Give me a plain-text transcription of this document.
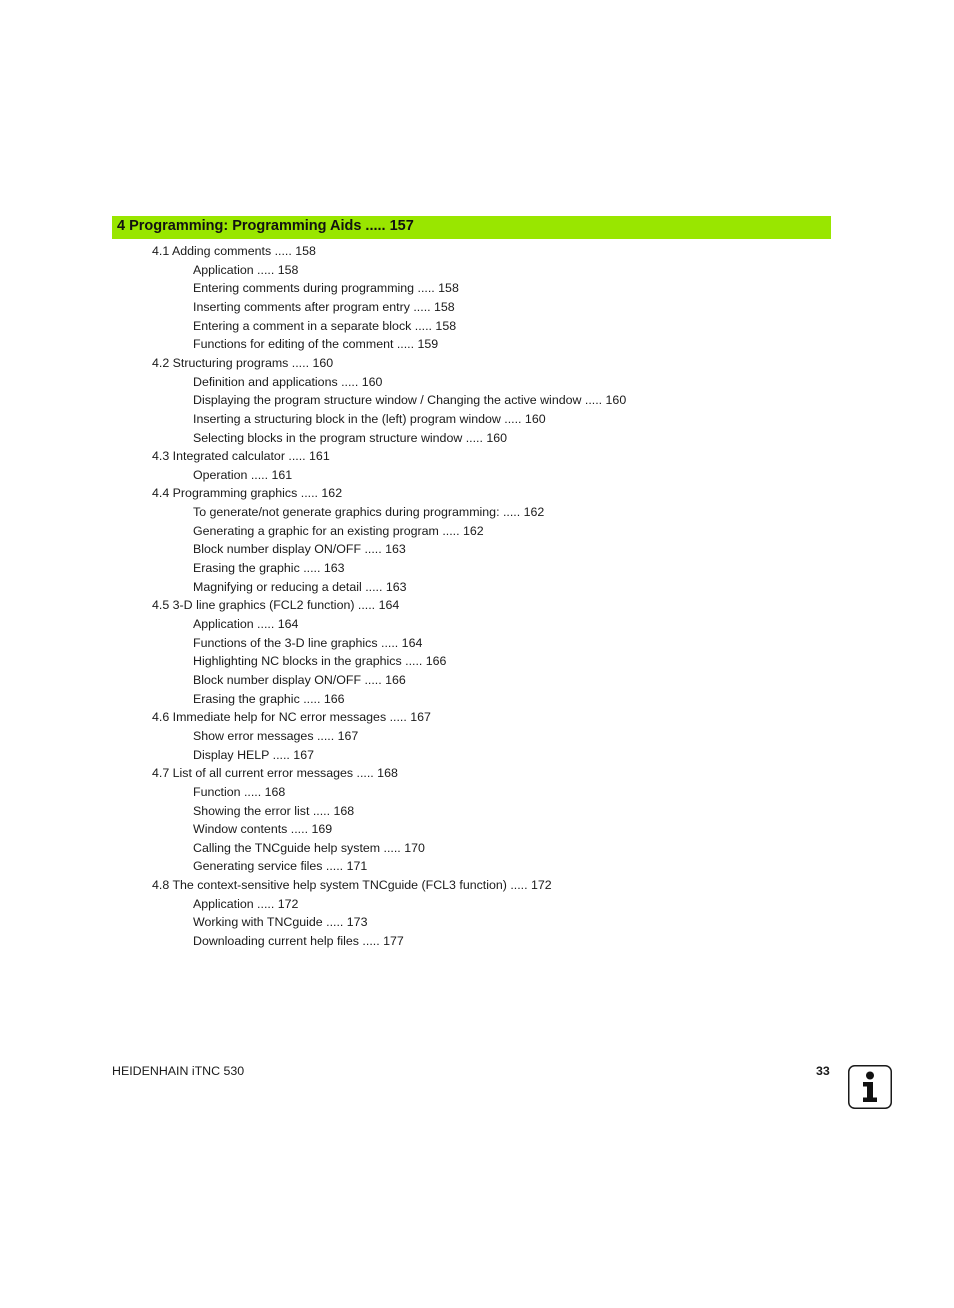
4 Programming: Programming Aids ..... 157
4.1 Adding comments ..... 158
Application ..... 158
Entering comments during programming ..... 158
Inserting comments after program entry ..... 158
Entering a comment in a separate block ..... 158
Functions for editing of the comment ..... 159
4.2 Structuring programs ..... 160
Definition and applications ..... 160
Displaying the program structure window / Changing the active window ..... 160
Inserting a structuring block in the (left) program window ..... 160
Selecting blocks in the program structure window ..... 160
4.3 Integrated calculator ..... 161
Operation ..... 161
4.4 Programming graphics ..... 162
To generate/not generate graphics during programming: ..... 162
Generating a graphic for an existing program ..... 162
Block number display ON/OFF ..... 163
Erasing the graphic ..... 163
Magnifying or reducing a detail ..... 163
4.5 3-D line graphics (FCL2 function) ..... 164
Application ..... 164
Functions of the 3-D line graphics ..... 164
Highlighting NC blocks in the graphics ..... 166
Block number display ON/OFF ..... 166
Erasing the graphic ..... 166
4.6 Immediate help for NC error messages ..... 167
Show error messages ..... 167
Display HELP ..... 167
4.7 List of all current error messages ..... 168
Function ..... 168
Showing the error list ..... 168
Window contents ..... 169
Calling the TNCguide help system ..... 170
Generating service files ..... 171
4.8 The context-sensitive help system TNCguide (FCL3 function) ..... 172
Application ..... 172
Working with TNCguide ..... 173
Downloading current help files ..... 177
HEIDENHAIN iTNC 530	33
